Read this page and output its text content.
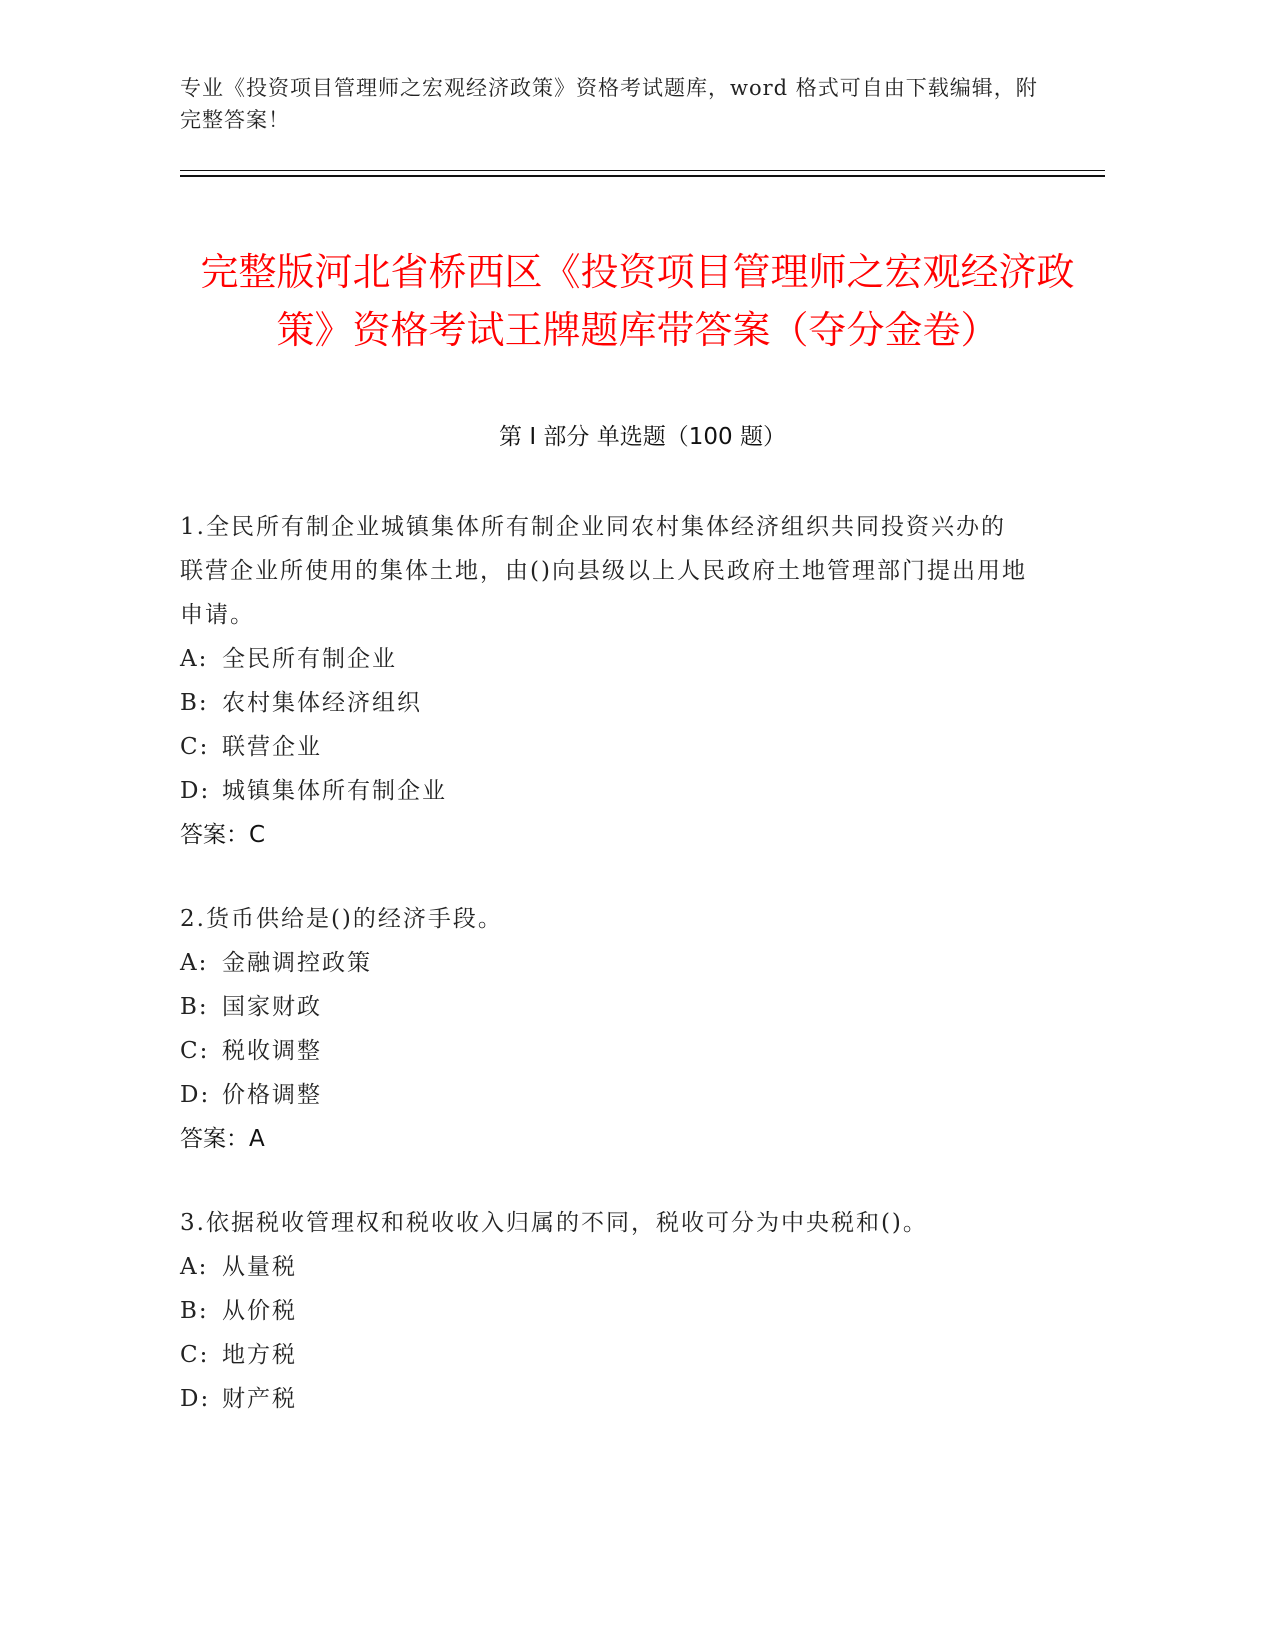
专业《投资项目管理师之宏观经济政策》资格考试题库，word 格式可自由下载编辑，附完整答案！
完整版河北省桥西区《投资项目管理师之宏观经济政策》资格考试王牌题库带答案（夺分金卷）
第 I 部分 单选题（100 题）
1.全民所有制企业城镇集体所有制企业同农村集体经济组织共同投资兴办的联营企业所使用的集体土地，由()向县级以上人民政府土地管理部门提出用地申请。
A: 全民所有制企业
B: 农村集体经济组织
C: 联营企业
D: 城镇集体所有制企业
答案：C
2.货币供给是()的经济手段。
A: 金融调控政策
B: 国家财政
C: 税收调整
D: 价格调整
答案：A
3.依据税收管理权和税收收入归属的不同，税收可分为中央税和()。
A: 从量税
B: 从价税
C: 地方税
D: 财产税
